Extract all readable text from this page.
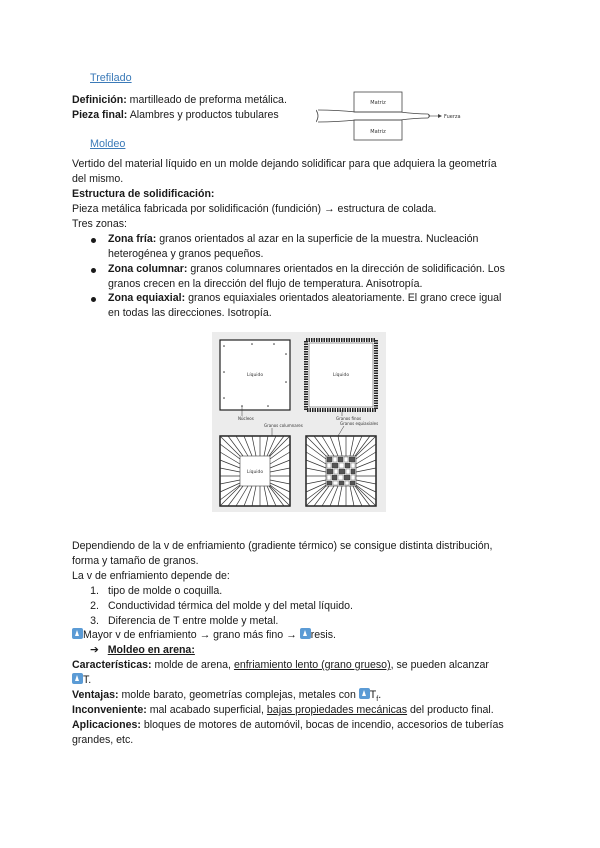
Trefilado
Definición: martilleado de preforma metálica.
Pieza final: Alambres y productos tubulares
Matriz
Matriz
Fuerza
Moldeo
Vertido del material líquido en un molde dejando solidificar para que adquiera la geometría
del mismo.
Estructura de solidificación:
Pieza metálica fabricada por solidificación (fundición) → estructura de colada.
Tres zonas:
Zona fría: granos orientados al azar en la superficie de la muestra. Nucleación
heterogénea y granos pequeños.
Zona columnar: granos columnares orientados en la dirección de solidificación. Los
granos crecen en la dirección del flujo de temperatura. Anisotropía.
Zona equiaxial: granos equiaxiales orientados aleatoriamente. El grano crece igual
en todas las direcciones. Isotropía.
Líquido
Núcleos
Líquido
Granos finos
Granos columnares	Granos equiaxiales
Líquido
Dependiendo de la v de enfriamiento (gradiente térmico) se consigue distinta distribución,
forma y tamaño de granos.
La v de enfriamiento depende de:
1. tipo de molde o coquilla.
2. Conductividad térmica del molde y del metal líquido.
3. Diferencia de T entre molde y metal.
Mayor v de enfriamiento → grano más fino → resis.
➔ Moldeo en arena:
Características: molde de arena, enfriamiento lento (grano grueso), se pueden alcanzar
T.
Ventajas: molde barato, geometrías complejas, metales con $T_f$.
Inconveniente: mal acabado superficial, bajas propiedades mecánicas del producto final.
Aplicaciones: bloques de motores de automóvil, bocas de incendio, accesorios de tuberías
grandes, etc.
